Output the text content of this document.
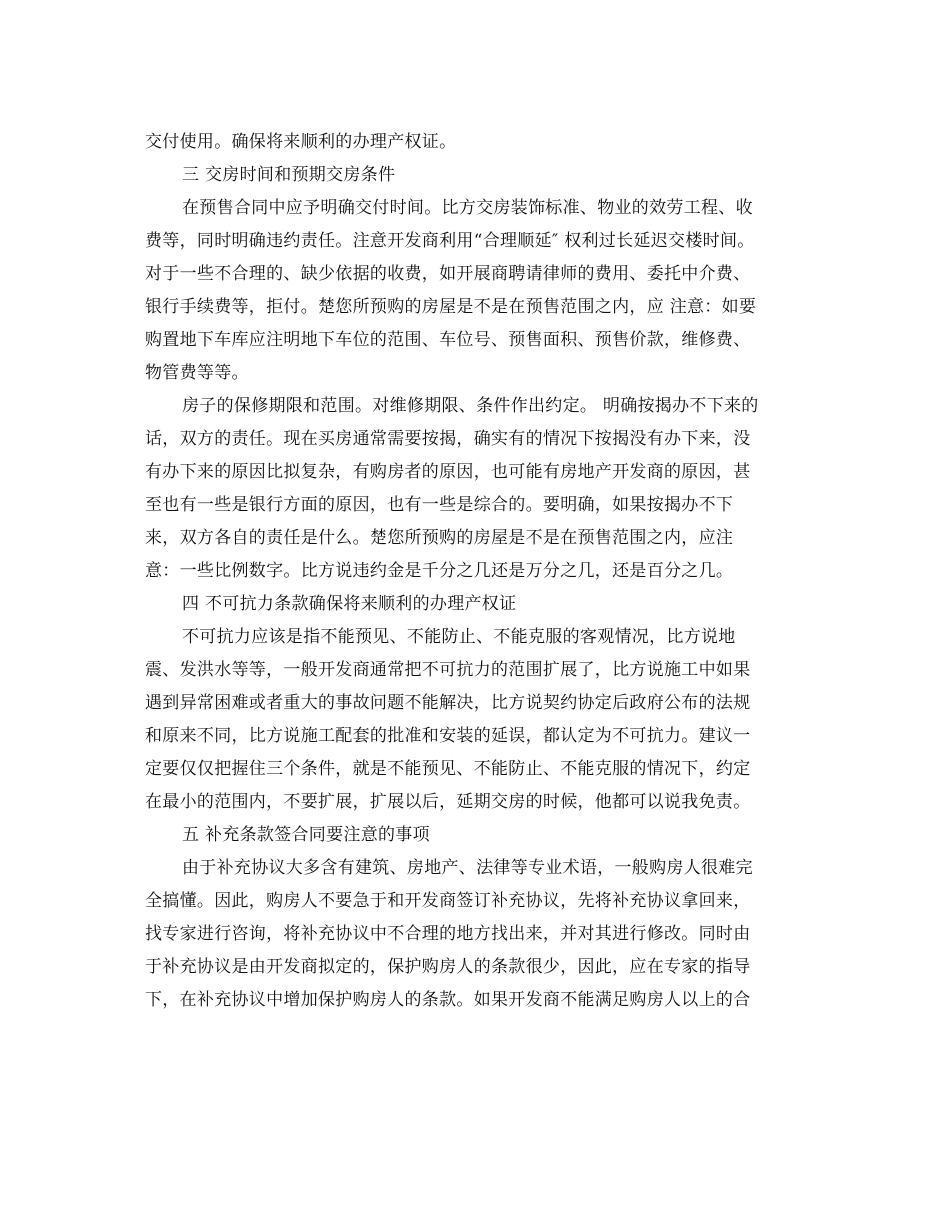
交付使用。确保将来顺利的办理产权证。
三 交房时间和预期交房条件
在预售合同中应予明确交付时间。比方交房装饰标准、物业的效劳工程、收
费等，同时明确违约责任。注意开发商利用“合理顺延″ 权利过长延迟交楼时间。
对于一些不合理的、缺少依据的收费，如开展商聘请律师的费用、委托中介费、
银行手续费等，拒付。楚您所预购的房屋是不是在预售范围之内，应 注意：如要
购置地下车库应注明地下车位的范围、车位号、预售面积、预售价款，维修费、
物管费等等。
房子的保修期限和范围。对维修期限、条件作出约定。 明确按揭办不下来的
话，双方的责任。现在买房通常需要按揭，确实有的情况下按揭没有办下来，没
有办下来的原因比拟复杂，有购房者的原因，也可能有房地产开发商的原因，甚
至也有一些是银行方面的原因，也有一些是综合的。要明确，如果按揭办不下
来，双方各自的责任是什么。楚您所预购的房屋是不是在预售范围之内，应注
意：一些比例数字。比方说违约金是千分之几还是万分之几，还是百分之几。
四 不可抗力条款确保将来顺利的办理产权证
不可抗力应该是指不能预见、不能防止、不能克服的客观情况，比方说地
震、发洪水等等，一般开发商通常把不可抗力的范围扩展了，比方说施工中如果
遇到异常困难或者重大的事故问题不能解决，比方说契约协定后政府公布的法规
和原来不同，比方说施工配套的批准和安装的延误，都认定为不可抗力。建议一
定要仅仅把握住三个条件，就是不能预见、不能防止、不能克服的情况下，约定
在最小的范围内，不要扩展，扩展以后，延期交房的时候，他都可以说我免责。
五 补充条款签合同要注意的事项
由于补充协议大多含有建筑、房地产、法律等专业术语，一般购房人很难完
全搞懂。因此，购房人不要急于和开发商签订补充协议，先将补充协议拿回来，
找专家进行咨询，将补充协议中不合理的地方找出来，并对其进行修改。同时由
于补充协议是由开发商拟定的，保护购房人的条款很少，因此，应在专家的指导
下，在补充协议中增加保护购房人的条款。如果开发商不能满足购房人以上的合
